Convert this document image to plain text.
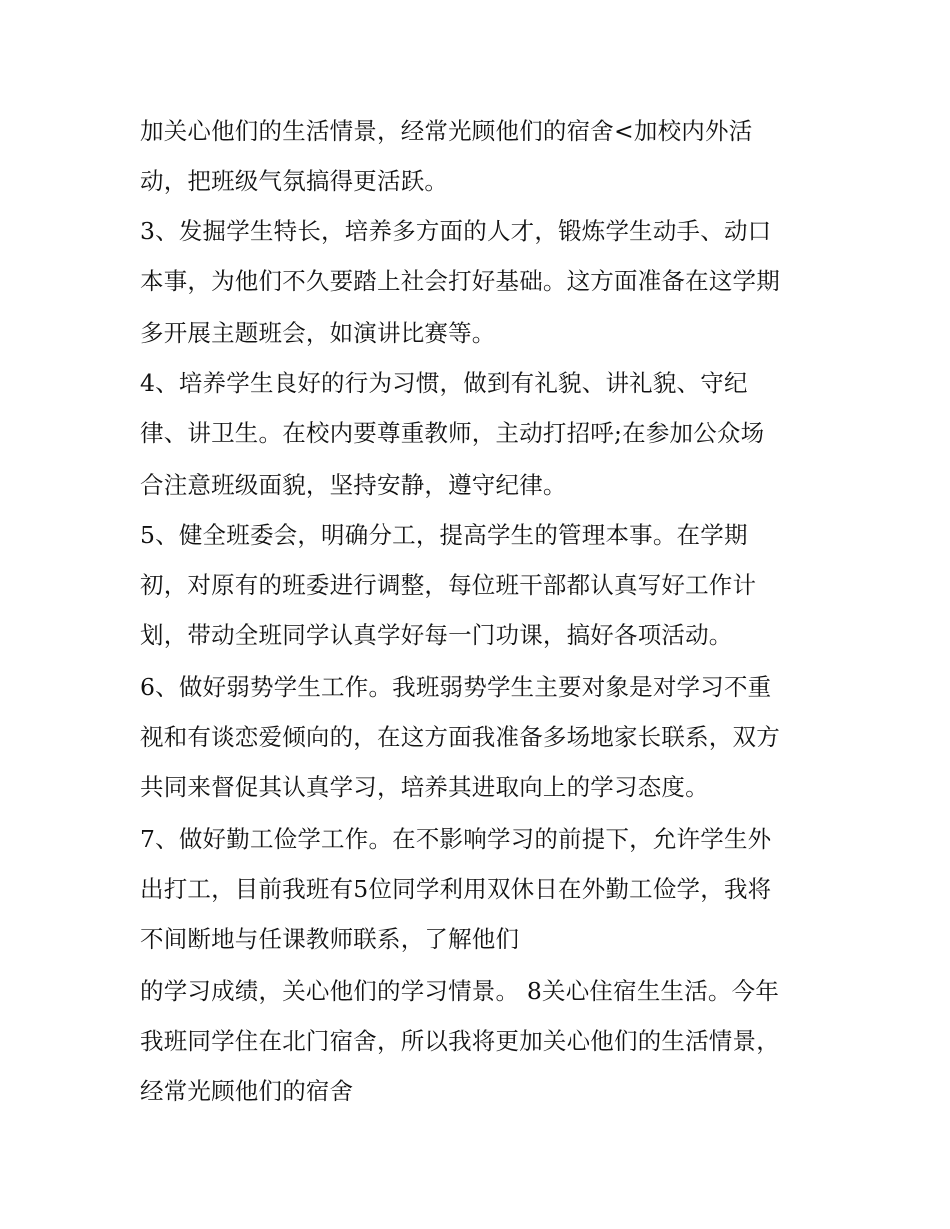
加关心他们的生活情景，经常光顾他们的宿舍<加校内外活
动，把班级气氛搞得更活跃。
3、发掘学生特长，培养多方面的人才，锻炼学生动手、动口
本事，为他们不久要踏上社会打好基础。这方面准备在这学期
多开展主题班会，如演讲比赛等。
4、培养学生良好的行为习惯，做到有礼貌、讲礼貌、守纪
律、讲卫生。在校内要尊重教师，主动打招呼;在参加公众场
合注意班级面貌，坚持安静，遵守纪律。
5、健全班委会，明确分工，提高学生的管理本事。在学期
初，对原有的班委进行调整，每位班干部都认真写好工作计
划，带动全班同学认真学好每一门功课，搞好各项活动。
6、做好弱势学生工作。我班弱势学生主要对象是对学习不重
视和有谈恋爱倾向的，在这方面我准备多场地家长联系，双方
共同来督促其认真学习，培养其进取向上的学习态度。
7、做好勤工俭学工作。在不影响学习的前提下，允许学生外
出打工，目前我班有5位同学利用双休日在外勤工俭学，我将
不间断地与任课教师联系，了解他们
的学习成绩，关心他们的学习情景。 8关心住宿生生活。今年
我班同学住在北门宿舍，所以我将更加关心他们的生活情景，
经常光顾他们的宿舍
